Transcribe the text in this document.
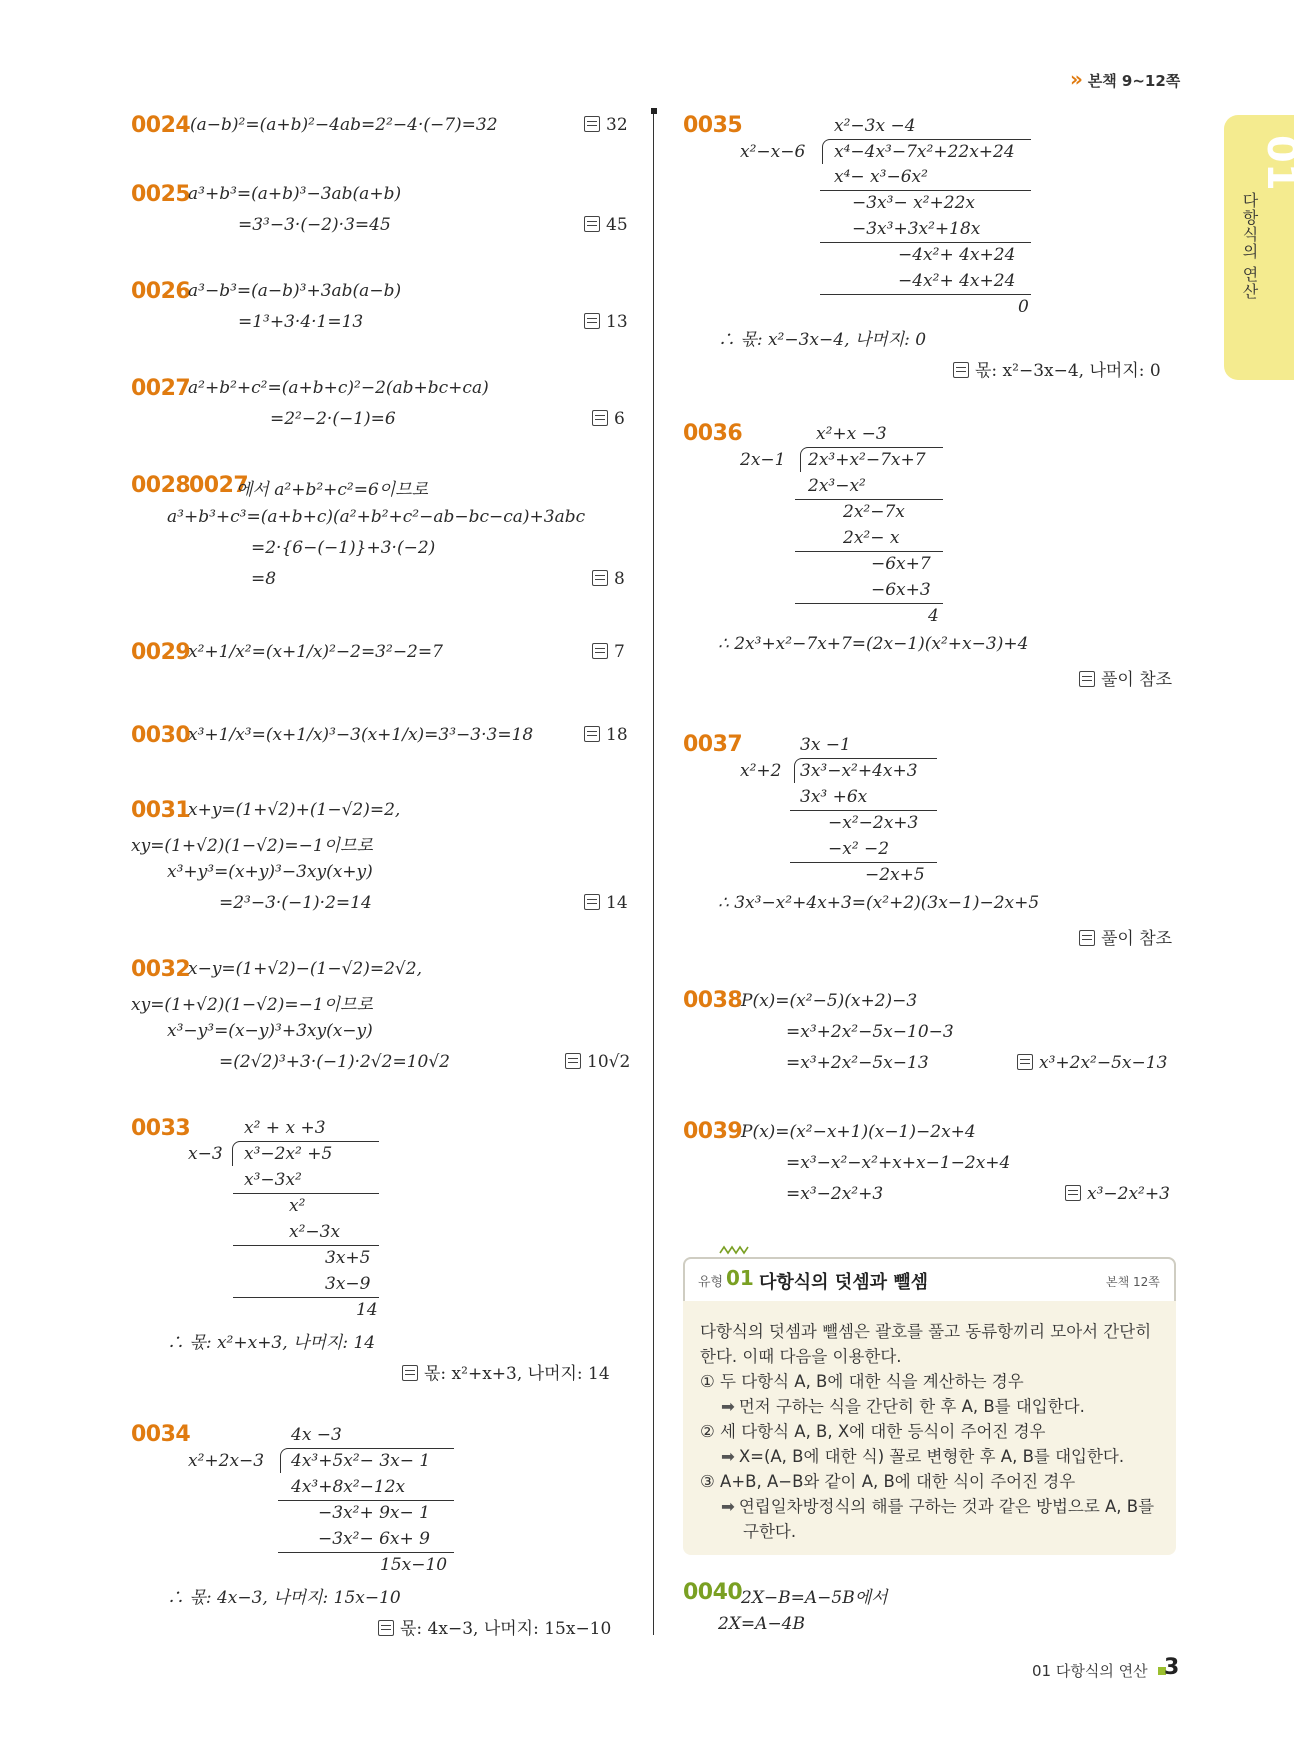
» 본책 9~12쪽
01
다항식의 연산
0024 (a−b)²=(a+b)²−4ab=2²−4·(−7)=32	32
0025
a³+b³=(a+b)³−3ab(a+b)
=3³−3·(−2)·3=45	45
0026
a³−b³=(a−b)³+3ab(a−b)
=1³+3·4·1=13	13
0027
a²+b²+c²=(a+b+c)²−2(ab+bc+ca)
=2²−2·(−1)=6	6
0028
0027
에서 a²+b²+c²=6이므로
a³+b³+c³=(a+b+c)(a²+b²+c²−ab−bc−ca)+3abc
=2·{6−(−1)}+3·(−2)
=8	8
0029
x²+1/x²=(x+1/x)²−2=3²−2=7	7
0030
x³+1/x³=(x+1/x)³−3(x+1/x)=3³−3·3=18	18
0031
x+y=(1+√2)+(1−√2)=2,
xy=(1+√2)(1−√2)=−1이므로
x³+y³=(x+y)³−3xy(x+y)
=2³−3·(−1)·2=14	14
0032
x−y=(1+√2)−(1−√2)=2√2,
xy=(1+√2)(1−√2)=−1이므로
x³−y³=(x−y)³+3xy(x−y)
=(2√2)³+3·(−1)·2√2=10√2	10√2
0033	x² + x +3
x−3 x³−2x² +5
x³−3x²
x²
x²−3x
3x+5
3x−9
14
∴ 몫: x²+x+3, 나머지: 14
몫: x²+x+3, 나머지: 14
0034	4x −3
x²+2x−3 4x³+5x²− 3x− 1
4x³+8x²−12x
−3x²+ 9x− 1
−3x²− 6x+ 9
15x−10
∴ 몫: 4x−3, 나머지: 15x−10
몫: 4x−3, 나머지: 15x−10
0035	x²−3x −4
x²−x−6 x⁴−4x³−7x²+22x+24
x⁴− x³−6x²
−3x³− x²+22x
−3x³+3x²+18x
−4x²+ 4x+24
−4x²+ 4x+24
0
∴ 몫: x²−3x−4, 나머지: 0
몫: x²−3x−4, 나머지: 0
0036	x²+x −3
2x−1 2x³+x²−7x+7
2x³−x²
2x²−7x
2x²− x
−6x+7
−6x+3
4
∴ 2x³+x²−7x+7=(2x−1)(x²+x−3)+4
풀이 참조
0037	3x −1
x²+2 3x³−x²+4x+3
3x³ +6x
−x²−2x+3
−x² −2
−2x+5
∴ 3x³−x²+4x+3=(x²+2)(3x−1)−2x+5
풀이 참조
0038
P(x)=(x²−5)(x+2)−3
=x³+2x²−5x−10−3
=x³+2x²−5x−13	x³+2x²−5x−13
0039
P(x)=(x²−x+1)(x−1)−2x+4
=x³−x²−x²+x+x−1−2x+4
=x³−2x²+3	x³−2x²+3
유형 01 다항식의 덧셈과 뺄셈	본책 12쪽
다항식의 덧셈과 뺄셈은 괄호를 풀고 동류항끼리 모아서 간단히
한다. 이때 다음을 이용한다.
① 두 다항식 A, B에 대한 식을 계산하는 경우
➡ 먼저 구하는 식을 간단히 한 후 A, B를 대입한다.
② 세 다항식 A, B, X에 대한 등식이 주어진 경우
➡ X=(A, B에 대한 식) 꼴로 변형한 후 A, B를 대입한다.
③ A+B, A−B와 같이 A, B에 대한 식이 주어진 경우
➡ 연립일차방정식의 해를 구하는 것과 같은 방법으로 A, B를
구한다.
0040
2X−B=A−5B에서
2X=A−4B
01 다항식의 연산 3
